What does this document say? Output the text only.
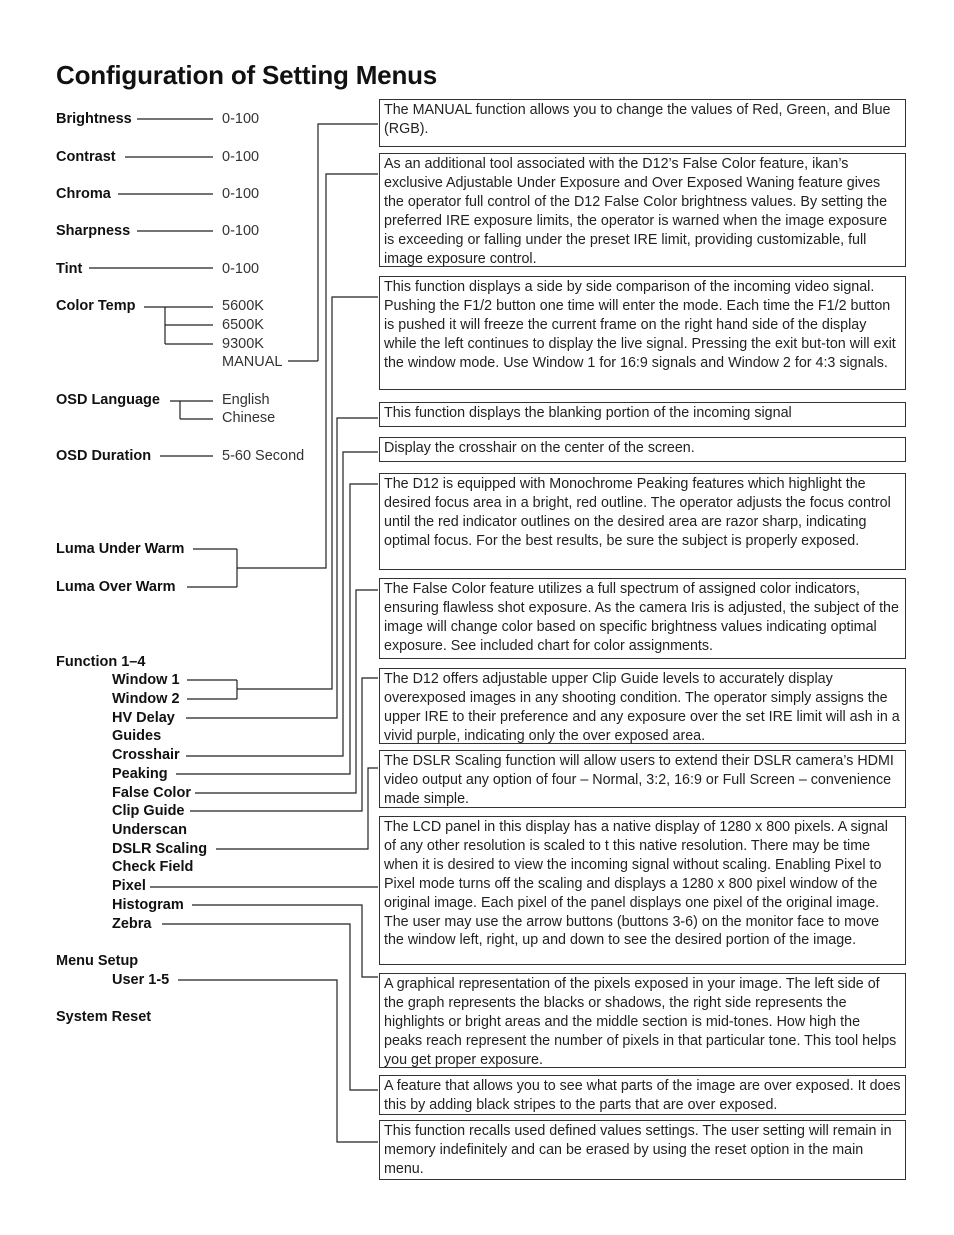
Configuration of Setting Menus
Brightness	0-100
Contrast	0-100
Chroma	0-100
Sharpness	0-100
Tint	0-100
Color Temp	5600K
6500K
9300K
MANUAL
OSD Language	English
Chinese
OSD Duration	5-60 Second
Luma Under Warm
Luma Over Warm
Function 1–4
Window 1
Window 2
HV Delay
Guides
Crosshair
Peaking
False Color
Clip Guide
Underscan
DSLR Scaling
Check Field
Pixel
Histogram
Zebra
Menu Setup
User 1-5
System Reset
The MANUAL function allows you to change the values of Red, Green, and Blue (RGB).
As an additional tool associated with the D12’s False Color feature, ikan’s exclusive Adjustable Under Exposure and Over Exposed Waning feature gives the operator full control of the D12 False Color brightness values. By setting the preferred IRE exposure limits, the operator is warned when the image exposure is exceeding or falling under the preset IRE limit, providing customizable, full image exposure control.
This function displays a side by side comparison of the incoming video signal. Pushing the F1/2 button one time will enter the mode. Each time the F1/2 button is pushed it will freeze the current frame on the right hand side of the display while the left continues to display the live signal. Pressing the exit but-ton will exit the window mode. Use Window 1 for 16:9 signals and Window 2 for 4:3 signals.
This function displays the blanking portion of the incoming signal
Display the crosshair on the center of the screen.
The D12 is equipped with Monochrome Peaking features which highlight the desired focus area in a bright, red outline. The operator adjusts the focus control until the red indicator outlines on the desired area are razor sharp, indicating optimal focus. For the best results, be sure the subject is properly exposed.
The False Color feature utilizes a full spectrum of assigned color indicators, ensuring flawless shot exposure. As the camera Iris is adjusted, the subject of the image will change color based on specific brightness values indicating optimal exposure. See included chart for color assignments.
The D12 offers adjustable upper Clip Guide levels to accurately display overexposed images in any shooting condition. The operator simply assigns the upper IRE to their preference and any exposure over the set IRE limit will ash in a vivid purple, indicating only the over exposed area.
The DSLR Scaling function will allow users to extend their DSLR camera’s HDMI video output any option of four – Normal, 3:2, 16:9 or Full Screen – convenience made simple.
The LCD panel in this display has a native display of 1280 x 800 pixels. A signal of any other resolution is scaled to t this native resolution. There may be time when it is desired to view the incoming signal without scaling. Enabling Pixel to Pixel mode turns off the scaling and displays a 1280 x 800 pixel window of the original image. Each pixel of the panel displays one pixel of the original image. The user may use the arrow buttons (buttons 3-6) on the monitor face to move the window left, right, up and down to see the desired portion of the image.
A graphical representation of the pixels exposed in your image. The left side of the graph represents the blacks or shadows, the right side represents the highlights or bright areas and the middle section is mid-tones. How high the peaks reach represent the number of pixels in that particular tone. This tool helps you get proper exposure.
A feature that allows you to see what parts of the image are over exposed. It does this by adding black stripes to the parts that are over exposed.
This function recalls used defined values settings. The user setting will remain in memory indefinitely and can be erased by using the reset option in the main menu.
